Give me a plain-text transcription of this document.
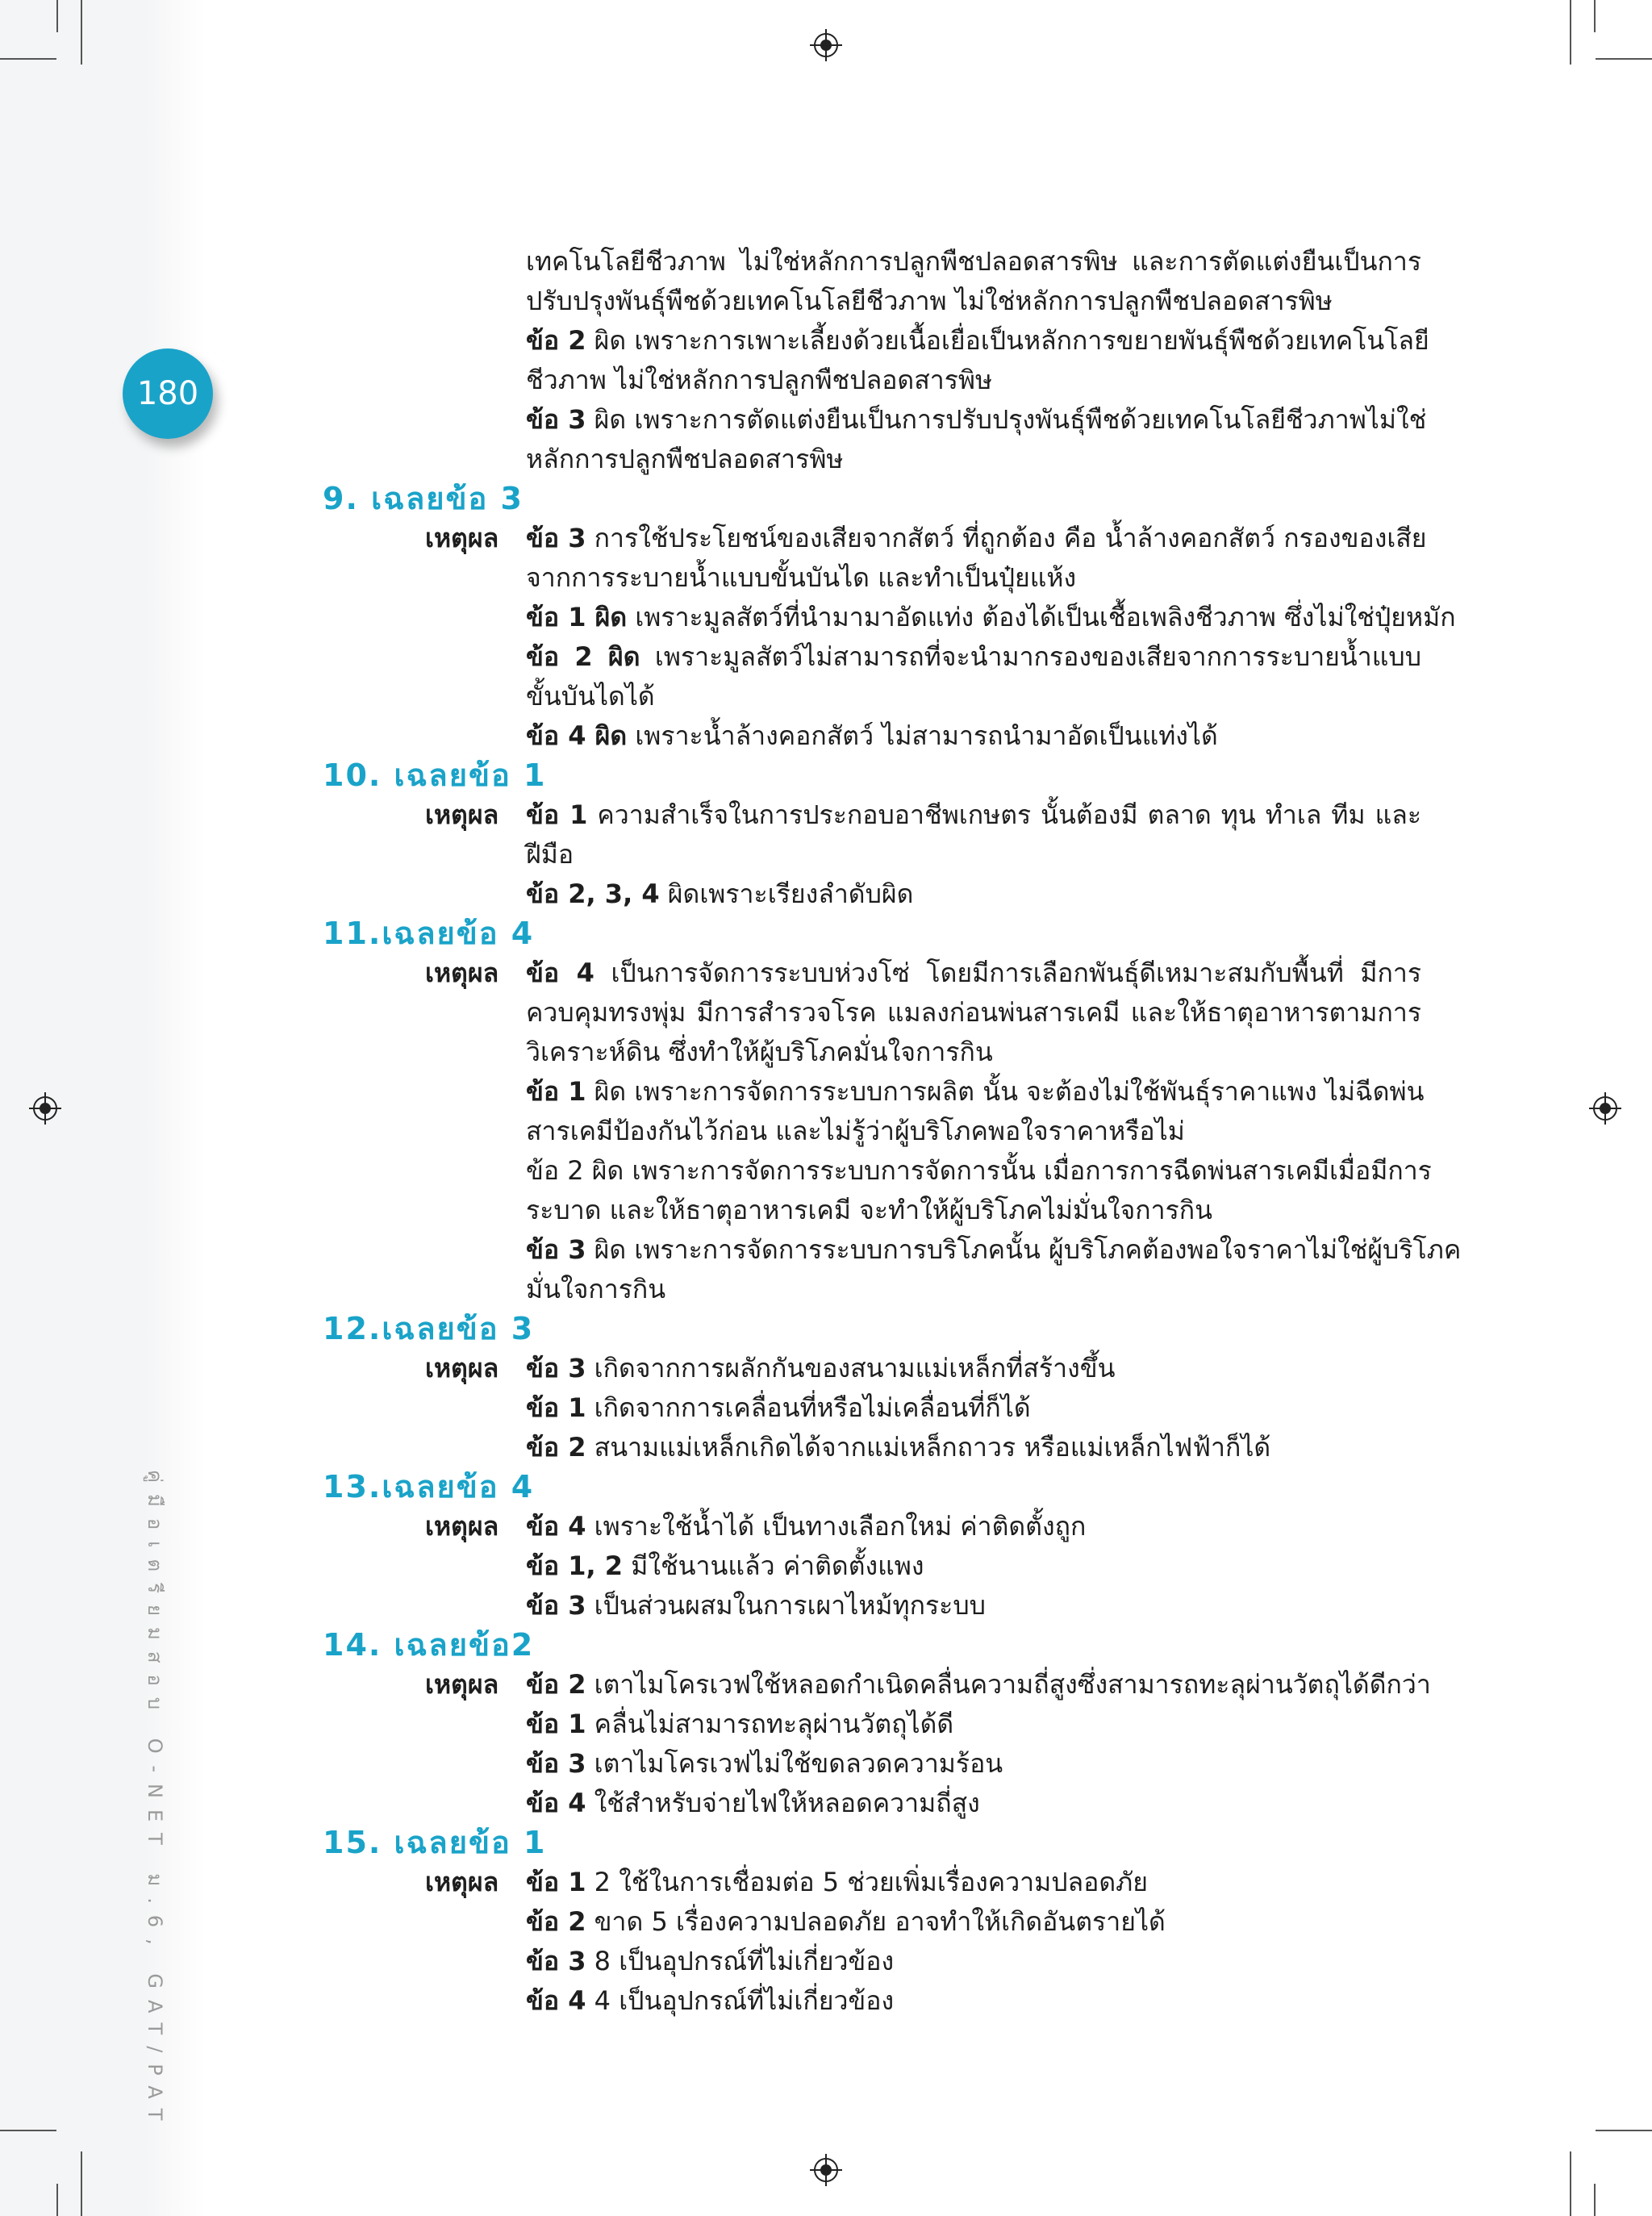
180
คู่มือเตรียมสอบ O-NET ม.6, GAT/PAT
เทคโนโลยีชีวภาพ ไม่ใช่หลักการปลูกพืชปลอดสารพิษ และการตัดแต่งยืนเป็นการ
ปรับปรุงพันธุ์พืชด้วยเทคโนโลยีชีวภาพ ไม่ใช่หลักการปลูกพืชปลอดสารพิษ
ข้อ 2 ผิด เพราะการเพาะเลี้ยงด้วยเนื้อเยื่อเป็นหลักการขยายพันธุ์พืชด้วยเทคโนโลยี
ชีวภาพ ไม่ใช่หลักการปลูกพืชปลอดสารพิษ
ข้อ 3 ผิด เพราะการตัดแต่งยืนเป็นการปรับปรุงพันธุ์พืชด้วยเทคโนโลยีชีวภาพไม่ใช่
หลักการปลูกพืชปลอดสารพิษ
9. เฉลยข้อ 3
เหตุผล ข้อ 3 การใช้ประโยชน์ของเสียจากสัตว์ ที่ถูกต้อง คือ น้ำล้างคอกสัตว์ กรองของเสีย
จากการระบายน้ำแบบขั้นบันได และทำเป็นปุ๋ยแห้ง
ข้อ 1 ผิด เพราะมูลสัตว์ที่นำมามาอัดแท่ง ต้องได้เป็นเชื้อเพลิงชีวภาพ ซึ่งไม่ใช่ปุ๋ยหมัก
ข้อ 2 ผิด เพราะมูลสัตว์ไม่สามารถที่จะนำมากรองของเสียจากการระบายน้ำแบบ
ขั้นบันไดได้
ข้อ 4 ผิด เพราะน้ำล้างคอกสัตว์ ไม่สามารถนำมาอัดเป็นแท่งได้
10. เฉลยข้อ 1
เหตุผล ข้อ 1 ความสำเร็จในการประกอบอาชีพเกษตร นั้นต้องมี ตลาด ทุน ทำเล ทีม และ
ฝีมือ
ข้อ 2, 3, 4 ผิดเพราะเรียงลำดับผิด
11.เฉลยข้อ 4
เหตุผล ข้อ 4 เป็นการจัดการระบบห่วงโซ่ โดยมีการเลือกพันธุ์ดีเหมาะสมกับพื้นที่ มีการ
ควบคุมทรงพุ่ม มีการสำรวจโรค แมลงก่อนพ่นสารเคมี และให้ธาตุอาหารตามการ
วิเคราะห์ดิน ซึ่งทำให้ผู้บริโภคมั่นใจการกิน
ข้อ 1 ผิด เพราะการจัดการระบบการผลิต นั้น จะต้องไม่ใช้พันธุ์ราคาแพง ไม่ฉีดพ่น
สารเคมีป้องกันไว้ก่อน และไม่รู้ว่าผู้บริโภคพอใจราคาหรือไม่
ข้อ 2 ผิด เพราะการจัดการระบบการจัดการนั้น เมื่อการการฉีดพ่นสารเคมีเมื่อมีการ
ระบาด และให้ธาตุอาหารเคมี จะทำให้ผู้บริโภคไม่มั่นใจการกิน
ข้อ 3 ผิด เพราะการจัดการระบบการบริโภคนั้น ผู้บริโภคต้องพอใจราคาไม่ใช่ผู้บริโภค
มั่นใจการกิน
12.เฉลยข้อ 3
เหตุผล ข้อ 3 เกิดจากการผลักกันของสนามแม่เหล็กที่สร้างขึ้น
ข้อ 1 เกิดจากการเคลื่อนที่หรือไม่เคลื่อนที่ก็ได้
ข้อ 2 สนามแม่เหล็กเกิดได้จากแม่เหล็กถาวร หรือแม่เหล็กไฟฟ้าก็ได้
13.เฉลยข้อ 4
เหตุผล ข้อ 4 เพราะใช้น้ำได้ เป็นทางเลือกใหม่ ค่าติดตั้งถูก
ข้อ 1, 2 มีใช้นานแล้ว ค่าติดตั้งแพง
ข้อ 3 เป็นส่วนผสมในการเผาไหม้ทุกระบบ
14. เฉลยข้อ2
เหตุผล ข้อ 2 เตาไมโครเวฟใช้หลอดกำเนิดคลื่นความถี่สูงซึ่งสามารถทะลุผ่านวัตถุได้ดีกว่า
ข้อ 1 คลื่นไม่สามารถทะลุผ่านวัตถุได้ดี
ข้อ 3 เตาไมโครเวฟไม่ใช้ขดลวดความร้อน
ข้อ 4 ใช้สำหรับจ่ายไฟให้หลอดความถี่สูง
15. เฉลยข้อ 1
เหตุผล ข้อ 1 2 ใช้ในการเชื่อมต่อ 5 ช่วยเพิ่มเรื่องความปลอดภัย
ข้อ 2 ขาด 5 เรื่องความปลอดภัย อาจทำให้เกิดอันตรายได้
ข้อ 3 8 เป็นอุปกรณ์ที่ไม่เกี่ยวข้อง
ข้อ 4 4 เป็นอุปกรณ์ที่ไม่เกี่ยวข้อง
